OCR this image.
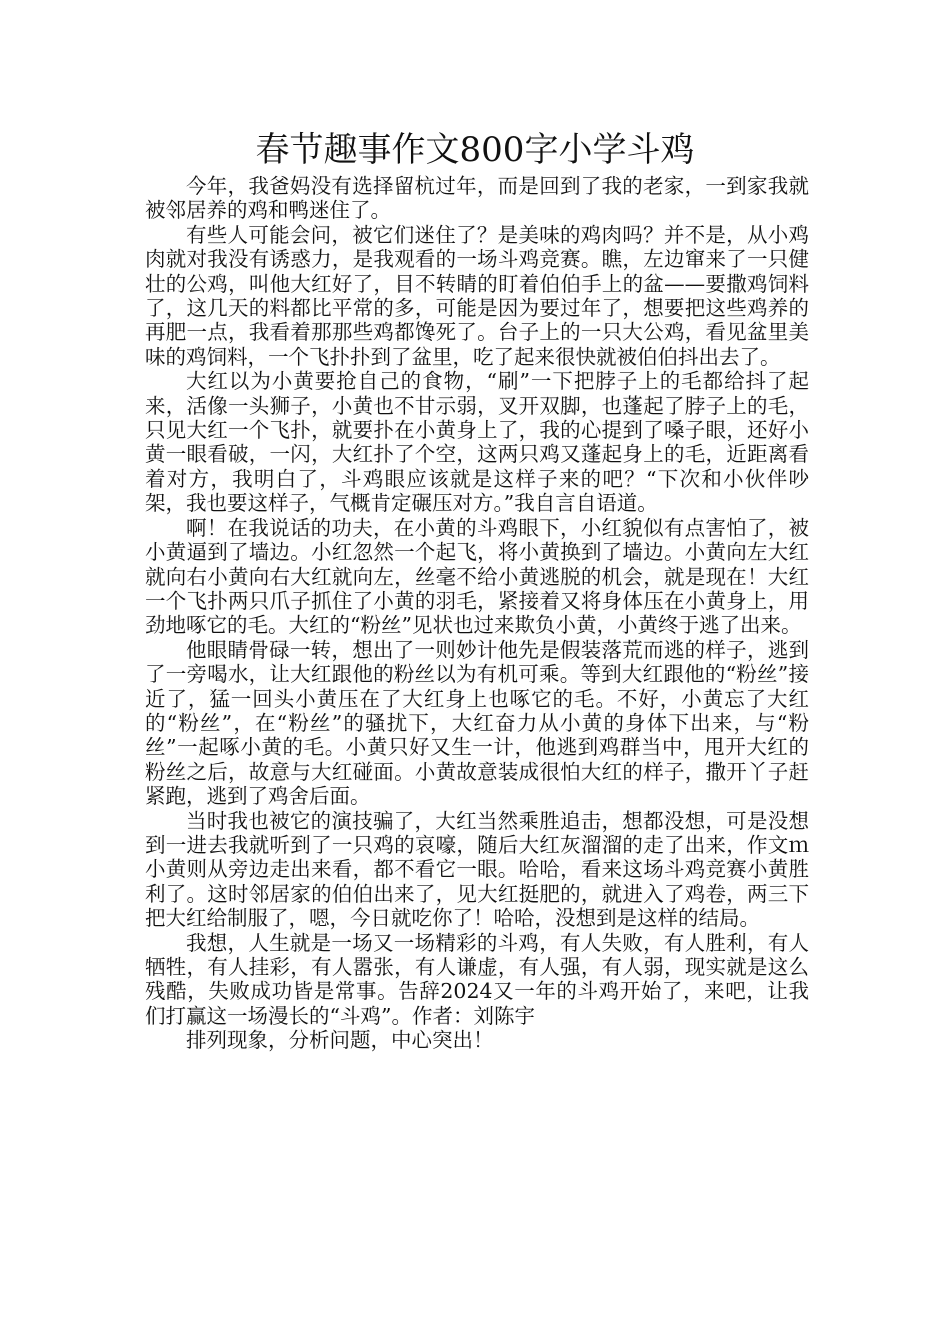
春节趣事作文800字小学斗鸡

今年，我爸妈没有选择留杭过年，而是回到了我的老家，一到家我就被邻居养的鸡和鸭迷住了。

有些人可能会问，被它们迷住了？是美味的鸡肉吗？并不是，从小鸡肉就对我没有诱惑力，是我观看的一场斗鸡竞赛。瞧，左边窜来了一只健壮的公鸡，叫他大红好了，目不转睛的盯着伯伯手上的盆——要撒鸡饲料了，这几天的料都比平常的多，可能是因为要过年了，想要把这些鸡养的再肥一点，我看着那那些鸡都馋死了。台子上的一只大公鸡，看见盆里美味的鸡饲料，一个飞扑扑到了盆里，吃了起来很快就被伯伯抖出去了。

大红以为小黄要抢自己的食物，“刷”一下把脖子上的毛都给抖了起来，活像一头狮子，小黄也不甘示弱，叉开双脚，也蓬起了脖子上的毛，只见大红一个飞扑，就要扑在小黄身上了，我的心提到了嗓子眼，还好小黄一眼看破，一闪，大红扑了个空，这两只鸡又蓬起身上的毛，近距离看着对方，我明白了，斗鸡眼应该就是这样子来的吧？“下次和小伙伴吵架，我也要这样子，气概肯定碾压对方。”我自言自语道。

啊！在我说话的功夫，在小黄的斗鸡眼下，小红貌似有点害怕了，被小黄逼到了墙边。小红忽然一个起飞，将小黄换到了墙边。小黄向左大红就向右小黄向右大红就向左，丝毫不给小黄逃脱的机会，就是现在！大红一个飞扑两只爪子抓住了小黄的羽毛，紧接着又将身体压在小黄身上，用劲地啄它的毛。大红的“粉丝”见状也过来欺负小黄，小黄终于逃了出来。

他眼睛骨碌一转，想出了一则妙计他先是假装落荒而逃的样子，逃到了一旁喝水，让大红跟他的粉丝以为有机可乘。等到大红跟他的“粉丝”接近了，猛一回头小黄压在了大红身上也啄它的毛。不好，小黄忘了大红的“粉丝”，在“粉丝”的骚扰下，大红奋力从小黄的身体下出来，与“粉丝”一起啄小黄的毛。小黄只好又生一计，他逃到鸡群当中，甩开大红的粉丝之后，故意与大红碰面。小黄故意装成很怕大红的样子，撒开丫子赶紧跑，逃到了鸡舍后面。

当时我也被它的演技骗了，大红当然乘胜追击，想都没想，可是没想到一进去我就听到了一只鸡的哀嚎，随后大红灰溜溜的走了出来，作文ｍ小黄则从旁边走出来看，都不看它一眼。哈哈，看来这场斗鸡竞赛小黄胜利了。这时邻居家的伯伯出来了，见大红挺肥的，就进入了鸡卷，两三下把大红给制服了，嗯，今日就吃你了！哈哈，没想到是这样的结局。

我想，人生就是一场又一场精彩的斗鸡，有人失败，有人胜利，有人牺牲，有人挂彩，有人嚣张，有人谦虚，有人强，有人弱，现实就是这么残酷，失败成功皆是常事。告辞2024又一年的斗鸡开始了，来吧，让我们打赢这一场漫长的“斗鸡”。作者：刘陈宇

排列现象，分析问题，中心突出！
